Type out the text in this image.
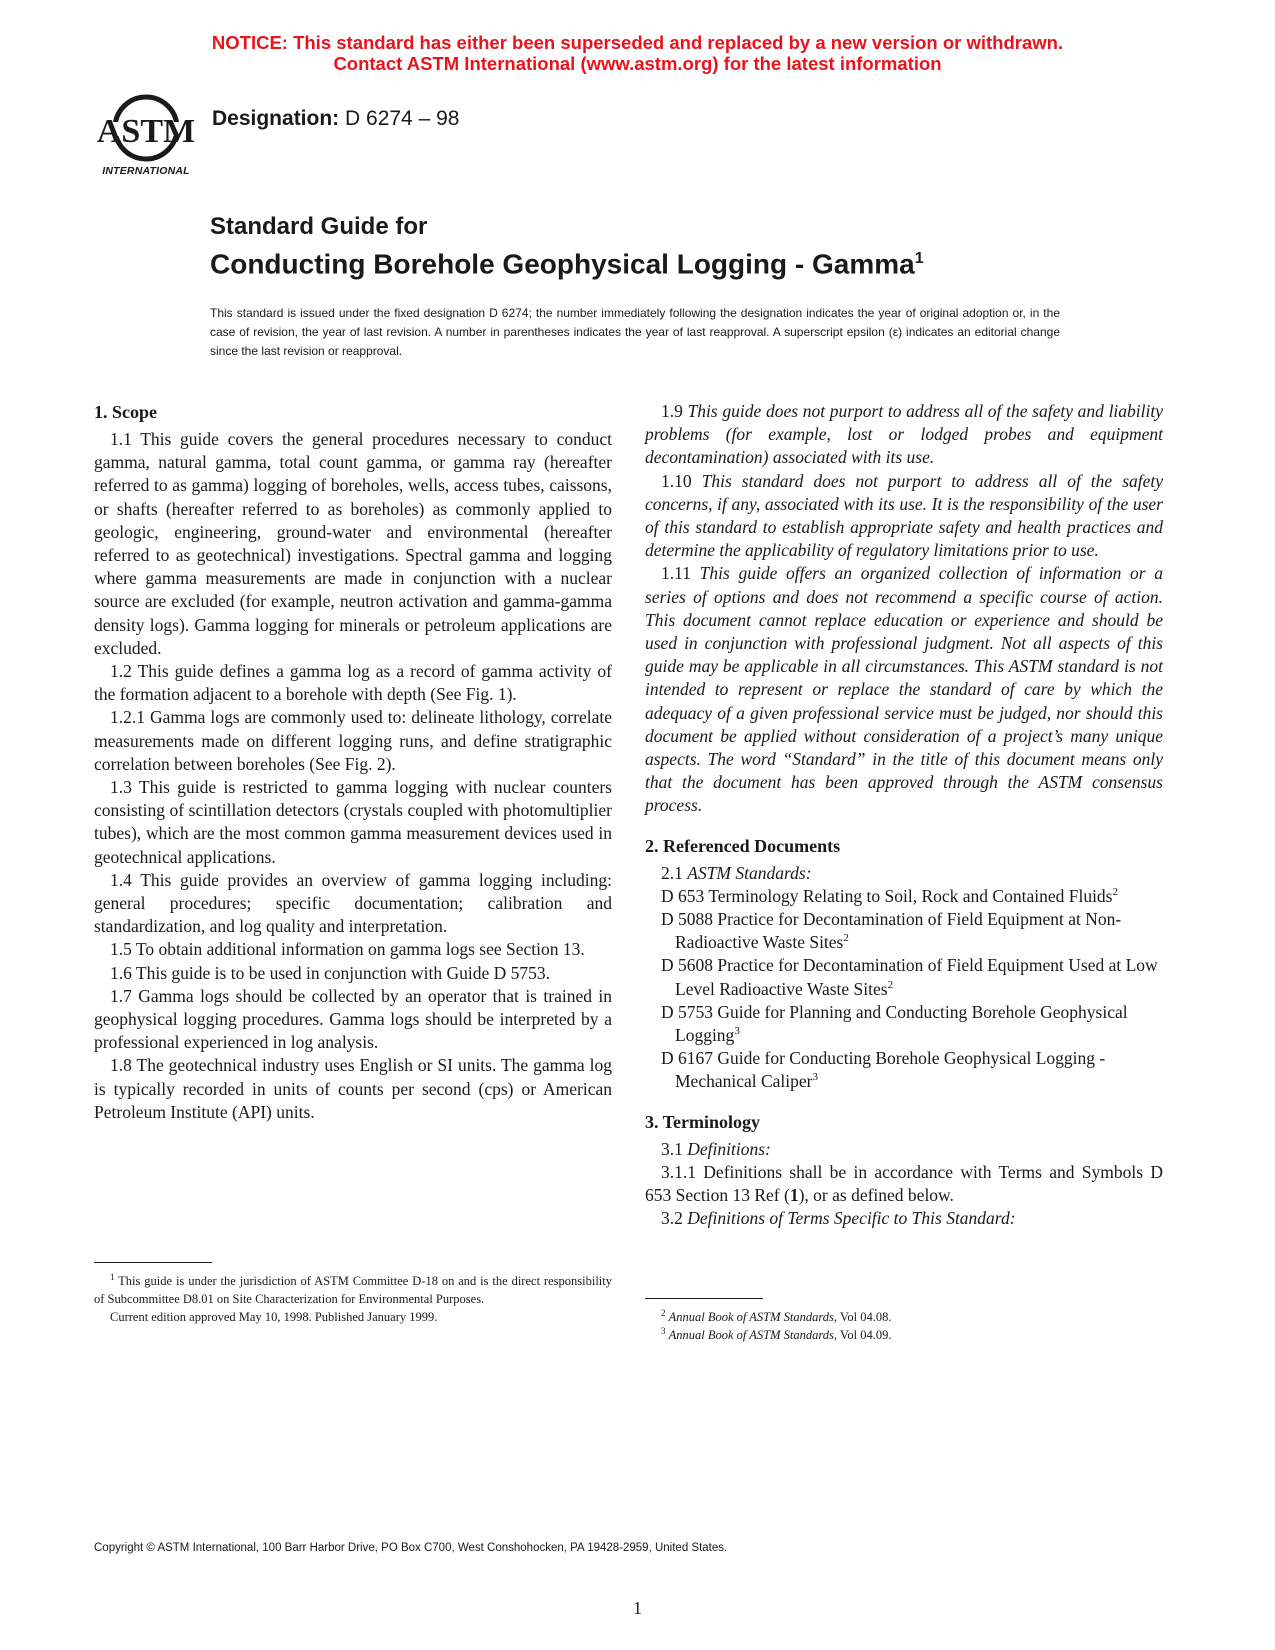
NOTICE: This standard has either been superseded and replaced by a new version or withdrawn.
Contact ASTM International (www.astm.org) for the latest information
ASTM
INTERNATIONAL
Designation: D 6274 – 98
Standard Guide for
Conducting Borehole Geophysical Logging - Gamma$^1$
This standard is issued under the fixed designation D 6274; the number immediately following the designation indicates the year of original adoption or, in the case of revision, the year of last revision. A number in parentheses indicates the year of last reapproval. A superscript epsilon (ε) indicates an editorial change since the last revision or reapproval.
1. Scope

1.1 This guide covers the general procedures necessary to conduct gamma, natural gamma, total count gamma, or gamma ray (hereafter referred to as gamma) logging of boreholes, wells, access tubes, caissons, or shafts (hereafter referred to as boreholes) as commonly applied to geologic, engineering, ground-water and environmental (hereafter referred to as geotechnical) investigations. Spectral gamma and logging where gamma measurements are made in conjunction with a nuclear source are excluded (for example, neutron activation and gamma-gamma density logs). Gamma logging for minerals or petroleum applications are excluded.

1.2 This guide defines a gamma log as a record of gamma activity of the formation adjacent to a borehole with depth (See Fig. 1).

1.2.1 Gamma logs are commonly used to: delineate lithology, correlate measurements made on different logging runs, and define stratigraphic correlation between boreholes (See Fig. 2).

1.3 This guide is restricted to gamma logging with nuclear counters consisting of scintillation detectors (crystals coupled with photomultiplier tubes), which are the most common gamma measurement devices used in geotechnical applications.

1.4 This guide provides an overview of gamma logging including: general procedures; specific documentation; calibration and standardization, and log quality and interpretation.

1.5 To obtain additional information on gamma logs see Section 13.

1.6 This guide is to be used in conjunction with Guide D 5753.

1.7 Gamma logs should be collected by an operator that is trained in geophysical logging procedures. Gamma logs should be interpreted by a professional experienced in log analysis.

1.8 The geotechnical industry uses English or SI units. The gamma log is typically recorded in units of counts per second (cps) or American Petroleum Institute (API) units.

1.9 This guide does not purport to address all of the safety and liability problems (for example, lost or lodged probes and equipment decontamination) associated with its use.

1.10 This standard does not purport to address all of the safety concerns, if any, associated with its use. It is the responsibility of the user of this standard to establish appropriate safety and health practices and determine the applicability of regulatory limitations prior to use.

1.11 This guide offers an organized collection of information or a series of options and does not recommend a specific course of action. This document cannot replace education or experience and should be used in conjunction with professional judgment. Not all aspects of this guide may be applicable in all circumstances. This ASTM standard is not intended to represent or replace the standard of care by which the adequacy of a given professional service must be judged, nor should this document be applied without consideration of a project’s many unique aspects. The word “Standard” in the title of this document means only that the document has been approved through the ASTM consensus process.

2. Referenced Documents

2.1 ASTM Standards:

D 653 Terminology Relating to Soil, Rock and Contained Fluids$^2$
D 5088 Practice for Decontamination of Field Equipment at Non-Radioactive Waste Sites$^2$
D 5608 Practice for Decontamination of Field Equipment Used at Low Level Radioactive Waste Sites$^2$
D 5753 Guide for Planning and Conducting Borehole Geophysical Logging$^3$
D 6167 Guide for Conducting Borehole Geophysical Logging - Mechanical Caliper$^3$
3. Terminology

3.1 Definitions:

3.1.1 Definitions shall be in accordance with Terms and Symbols D 653 Section 13 Ref (1), or as defined below.

3.2 Definitions of Terms Specific to This Standard:

$^1$ This guide is under the jurisdiction of ASTM Committee D-18 on and is the direct responsibility of Subcommittee D8.01 on Site Characterization for Environmental Purposes.

Current edition approved May 10, 1998. Published January 1999.	$^2$ Annual Book of ASTM Standards, Vol 04.08.

$^3$ Annual Book of ASTM Standards, Vol 04.09.

Copyright © ASTM International, 100 Barr Harbor Drive, PO Box C700, West Conshohocken, PA 19428-2959, United States.
1
